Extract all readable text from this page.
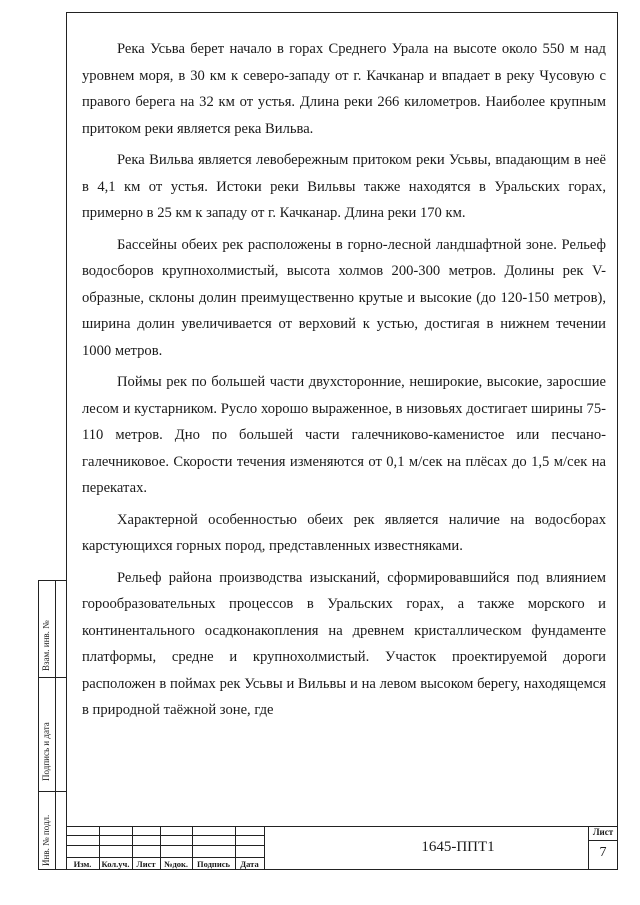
Река Усьва берет начало в горах Среднего Урала на высоте около 550 м над уровнем моря, в 30 км к северо-западу от г. Качканар и впадает в реку Чусовую с правого берега на 32 км от устья. Длина реки 266 километров. Наиболее крупным притоком реки является река Вильва.

Река Вильва является левобережным притоком реки Усьвы, впадающим в неё в 4,1 км от устья. Истоки реки Вильвы также находятся в Уральских горах, примерно в 25 км к западу от г. Качканар. Длина реки 170 км.

Бассейны обеих рек расположены в горно-лесной ландшафтной зоне. Рельеф водосборов крупнохолмистый, высота холмов 200-300 метров. Долины рек V-образные, склоны долин преимущественно крутые и высокие (до 120-150 метров), ширина долин увеличивается от верховий к устью, достигая в нижнем течении 1000 метров.

Поймы рек по большей части двухсторонние, неширокие, высокие, заросшие лесом и кустарником. Русло хорошо выраженное, в низовьях достигает ширины 75-110 метров. Дно по большей части галечниково-каменистое или песчано-галечниковое. Скорости течения изменяются от 0,1 м/сек на плёсах до 1,5 м/сек на перекатах.

Характерной особенностью обеих рек является наличие на водосборах карстующихся горных пород, представленных известняками.

Рельеф района производства изысканий, сформировавшийся под влиянием горообразовательных процессов в Уральских горах, а также морского и континентального осадконакопления на древнем кристаллическом фундаменте платформы, средне и крупнохолмистый. Участок проектируемой дороги расположен в поймах рек Усьвы и Вильвы и на левом высоком берегу, находящемся в природной таёжной зоне, где

Взам. инв. №
Подпись и дата
Инв. № подл.	Изм.	Кол.уч. Лист №док.	Подпись	Дата
1645-ППТ1
Лист
7
